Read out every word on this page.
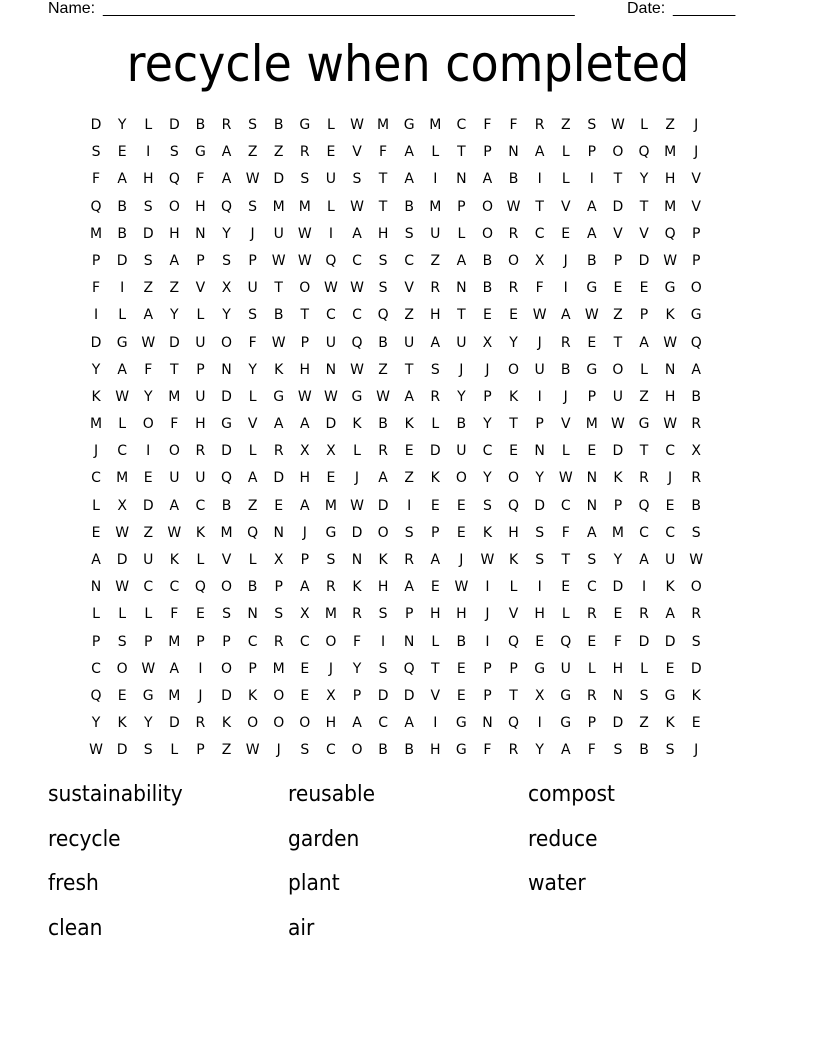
Name: _____________________________________________________	Date: _______
recycle when completed
D	Y	L	D	B	R	S	B	G	L	W M	G	M	C	F	F	R	Z	S	W	L	Z	J
S	E	I	S	G	A	Z	Z	R	E	V	F	A	L	T	P	N	A	L	P	O	Q	M	J
F	A	H	Q	F	A	W D	S	U	S	T	A	I	N	A	B	I	L	I	T	Y	H	V
Q	B	S	O	H	Q	S	M	M	L	W	T	B	M	P	O W	T	V	A	D	T	M	V
M	B	D	H	N	Y	J	U	W	I	A	H	S	U	L	O	R	C	E	A	V	V	Q	P
P	D	S	A	P	S	P	W W Q	C	S	C	Z	A	B	O	X	J	B	P	D W	P
F	I	Z	Z	V	X	U	T	O W W	S	V	R	N	B	R	F	I	G	E	E	G	O
I	L	A	Y	L	Y	S	B	T	C	C	Q	Z	H	T	E	E	W	A	W	Z	P	K	G
D	G W D	U	O	F	W	P	U	Q	B	U	A	U	X	Y	J	R	E	T	A	W Q
Y	A	F	T	P	N	Y	K	H	N W	Z	T	S	J	J	O	U	B	G	O	L	N	A
K	W	Y	M	U	D	L	G W W G W	A	R	Y	P	K	I	J	P	U	Z	H	B
M	L	O	F	H	G	V	A	A	D	K	B	K	L	B	Y	T	P	V	M W G W	R
J	C	I	O	R	D	L	R	X	X	L	R	E	D	U	C	E	N	L	E	D	T	C	X
C	M	E	U	U	Q	A	D	H	E	J	A	Z	K	O	Y	O	Y	W N	K	R	J	R
L	X	D	A	C	B	Z	E	A	M W D	I	E	E	S	Q	D	C	N	P	Q	E	B
E	W	Z	W	K	M	Q	N	J	G	D	O	S	P	E	K	H	S	F	A	M	C	C	S
A	D	U	K	L	V	L	X	P	S	N	K	R	A	J	W	K	S	T	S	Y	A	U	W
N W	C	C	Q	O	B	P	A	R	K	H	A	E	W	I	L	I	E	C	D	I	K	O
L	L	L	F	E	S	N	S	X	M	R	S	P	H	H	J	V	H	L	R	E	R	A	R
P	S	P	M	P	P	C	R	C	O	F	I	N	L	B	I	Q	E	Q	E	F	D	D	S
C	O W	A	I	O	P	M	E	J	Y	S	Q	T	E	P	P	G	U	L	H	L	E	D
Q	E	G	M	J	D	K	O	E	X	P	D	D	V	E	P	T	X	G	R	N	S	G	K
Y	K	Y	D	R	K	O	O	O	H	A	C	A	I	G	N	Q	I	G	P	D	Z	K	E
W D	S	L	P	Z	W	J	S	C	O	B	B	H	G	F	R	Y	A	F	S	B	S	J
sustainability	reusable	compost
recycle	garden	reduce
fresh	plant	water
clean	air
